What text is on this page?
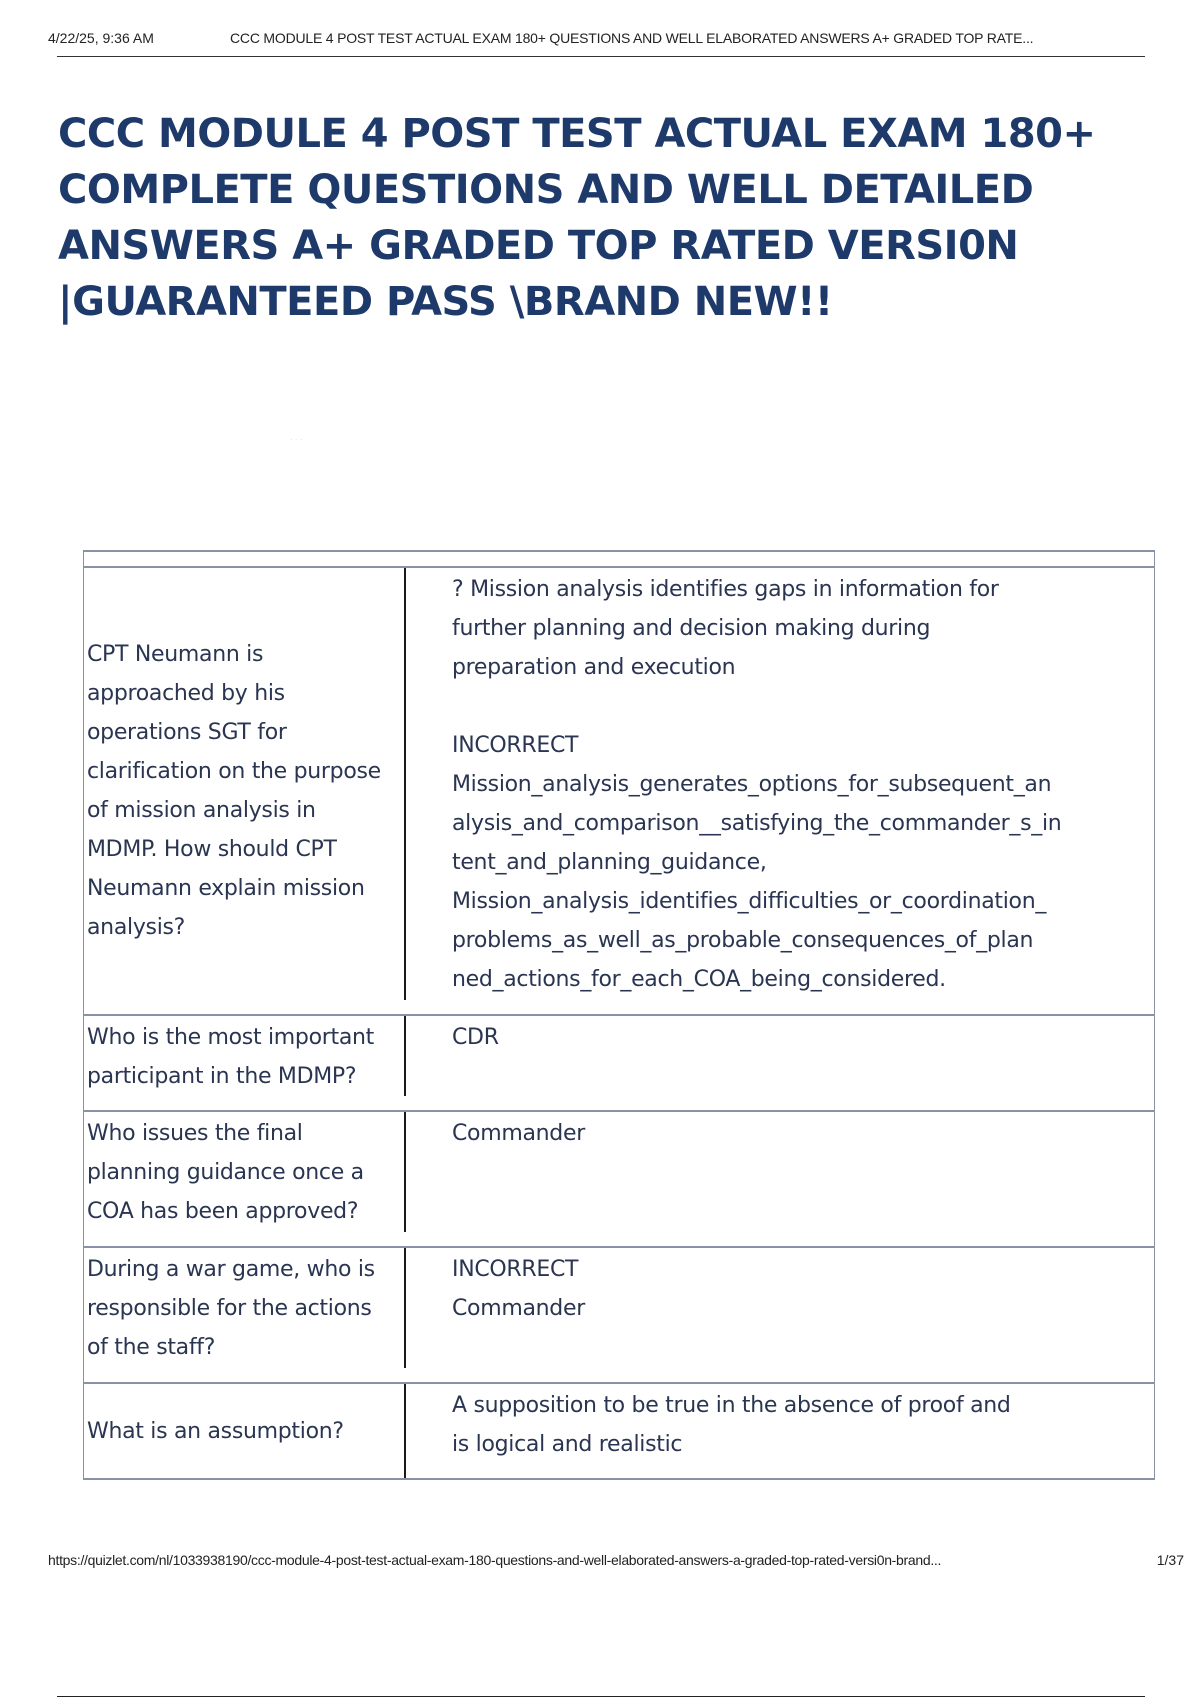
4/22/25, 9:36 AM	CCC MODULE 4 POST TEST ACTUAL EXAM 180+ QUESTIONS AND WELL ELABORATED ANSWERS A+ GRADED TOP RATE...
CCC MODULE 4 POST TEST ACTUAL EXAM 180+ COMPLETE QUESTIONS AND WELL DETAILED ANSWERS A+ GRADED TOP RATED VERSI0N |GUARANTEED PASS \BRAND NEW!!
...
CPT Neumann is approached by his operations SGT for clarification on the purpose of mission analysis in MDMP. How should CPT Neumann explain mission analysis?
? Mission analysis identifies gaps in information for
further planning and decision making during
preparation and execution
INCORRECT
Mission_analysis_generates_options_for_subsequent_an
alysis_and_comparison__satisfying_the_commander_s_in
tent_and_planning_guidance,
Mission_analysis_identifies_difficulties_or_coordination_
problems_as_well_as_probable_consequences_of_plan
ned_actions_for_each_COA_being_considered.
Who is the most important participant in the MDMP?
CDR
Who issues the final planning guidance once a COA has been approved?
Commander
During a war game, who is responsible for the actions of the staff?
INCORRECT
Commander
What is an assumption?
A supposition to be true in the absence of proof and
is logical and realistic
https://quizlet.com/nl/1033938190/ccc-module-4-post-test-actual-exam-180-questions-and-well-elaborated-answers-a-graded-top-rated-versi0n-brand...	1/37
